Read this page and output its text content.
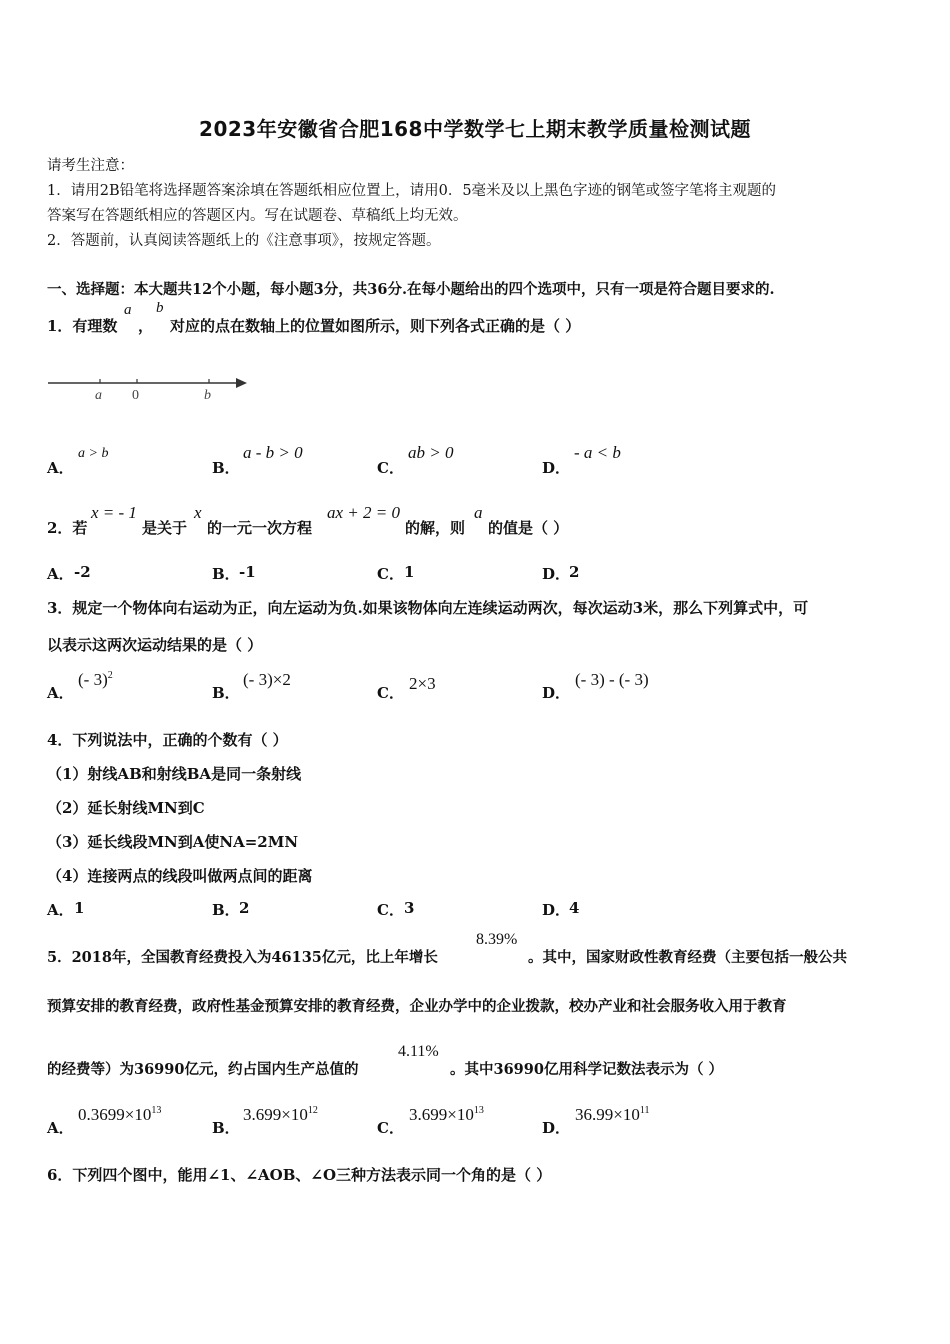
2023年安徽省合肥168中学数学七上期末教学质量检测试题
请考生注意：
1．请用2B铅笔将选择题答案涂填在答题纸相应位置上，请用0．5毫米及以上黑色字迹的钢笔或签字笔将主观题的
答案写在答题纸相应的答题区内。写在试题卷、草稿纸上均无效。
2．答题前，认真阅读答题纸上的《注意事项》，按规定答题。
一、选择题：本大题共12个小题，每小题3分，共36分.在每小题给出的四个选项中，只有一项是符合题目要求的.
1．有理数
a
，
b
对应的点在数轴上的位置如图所示，则下列各式正确的是（ ）
a 0	b
A．
a > b
B．
a - b > 0
C．
ab > 0
D．
- a < b
2．若
x = - 1
是关于
x
的一元一次方程
ax + 2 = 0
的解，则
a
的值是（ ）
A． -2	B． -1	C． 1	D．
2
3．规定一个物体向右运动为正，向左运动为负.如果该物体向左连续运动两次，每次运动3米，那么下列算式中，可
以表示这两次运动结果的是（ ）
A．
(- 3)$^2$
B．
(- 3)×2
C． 2×3	D．
(- 3) - (- 3)
4．下列说法中，正确的个数有（ ）
（1）射线AB和射线BA是同一条射线
（2）延长射线MN到C
（3）延长线段MN到A使NA=2MN
（4）连接两点的线段叫做两点间的距离
A． 1	B． 2	C． 3	D．
4
5．2018年，全国教育经费投入为46135亿元，比上年增长
8.39%
。其中，国家财政性教育经费（主要包括一般公共
预算安排的教育经费，政府性基金预算安排的教育经费，企业办学中的企业拨款，校办产业和社会服务收入用于教育
的经费等）为36990亿元，约占国内生产总值的
4.11%
。其中36990亿用科学记数法表示为（ ）
A．
$0.3699\times 10^{13}$
B．
$3.699\times 10^{12}$
C．
$3.699\times 10^{13}$
D．
$36.99\times 10^{11}$
6．下列四个图中，能用∠1、∠AOB、∠O三种方法表示同一个角的是（ ）
